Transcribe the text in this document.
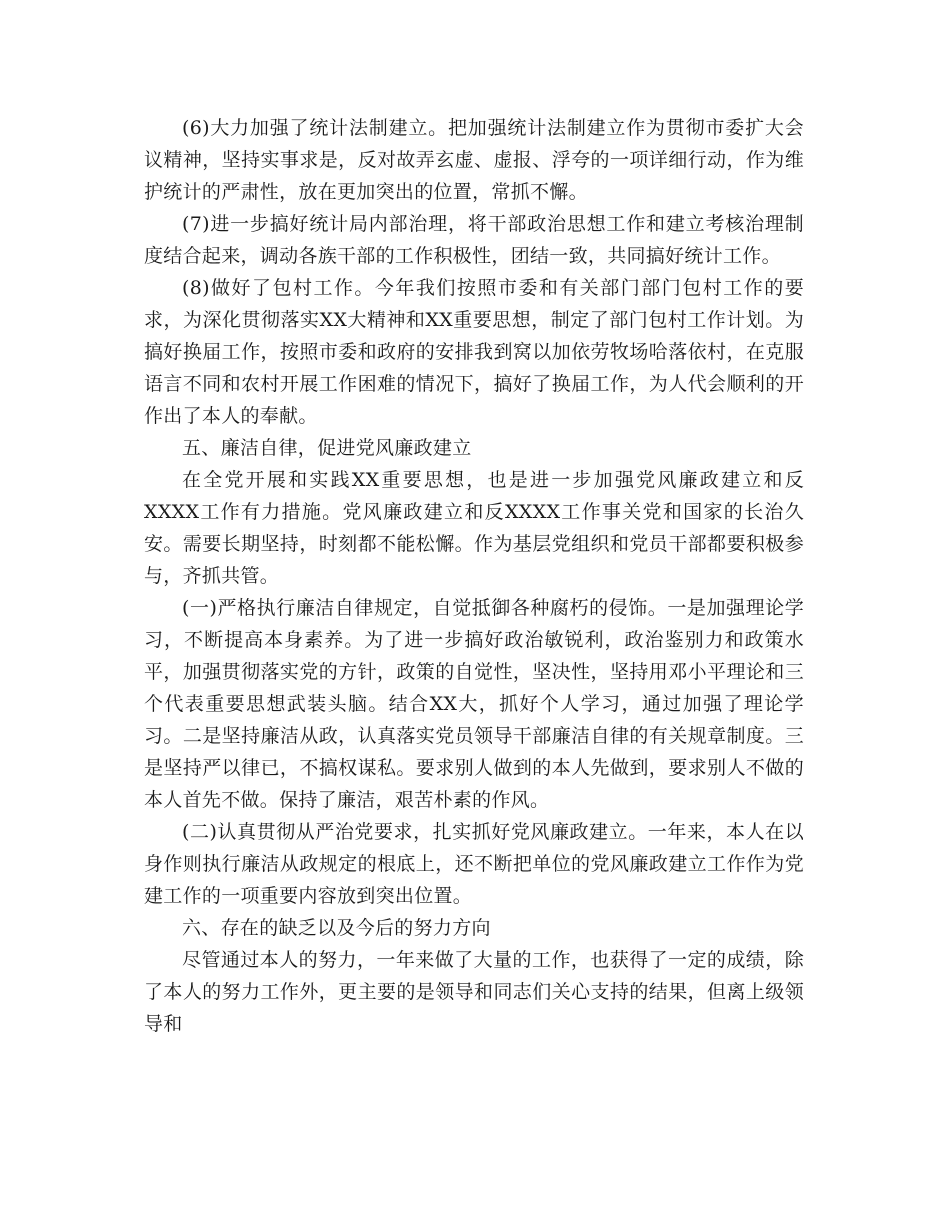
(6)大力加强了统计法制建立。把加强统计法制建立作为贯彻市委扩大会议精神，坚持实事求是，反对故弄玄虚、虚报、浮夸的一项详细行动，作为维护统计的严肃性，放在更加突出的位置，常抓不懈。

(7)进一步搞好统计局内部治理，将干部政治思想工作和建立考核治理制度结合起来，调动各族干部的工作积极性，团结一致，共同搞好统计工作。

(8)做好了包村工作。今年我们按照市委和有关部门部门包村工作的要求，为深化贯彻落实XX大精神和XX重要思想，制定了部门包村工作计划。为搞好换届工作，按照市委和政府的安排我到窝以加依劳牧场哈落依村，在克服语言不同和农村开展工作困难的情况下，搞好了换届工作，为人代会顺利的开作出了本人的奉献。

五、廉洁自律，促进党风廉政建立

在全党开展和实践XX重要思想，也是进一步加强党风廉政建立和反XXXX工作有力措施。党风廉政建立和反XXXX工作事关党和国家的长治久安。需要长期坚持，时刻都不能松懈。作为基层党组织和党员干部都要积极参与，齐抓共管。

(一)严格执行廉洁自律规定，自觉抵御各种腐朽的侵饰。一是加强理论学习，不断提高本身素养。为了进一步搞好政治敏锐利，政治鉴别力和政策水平，加强贯彻落实党的方针，政策的自觉性，坚决性，坚持用邓小平理论和三个代表重要思想武装头脑。结合XX大，抓好个人学习，通过加强了理论学习。二是坚持廉洁从政，认真落实党员领导干部廉洁自律的有关规章制度。三是坚持严以律已，不搞权谋私。要求别人做到的本人先做到，要求别人不做的本人首先不做。保持了廉洁，艰苦朴素的作风。

(二)认真贯彻从严治党要求，扎实抓好党风廉政建立。一年来，本人在以身作则执行廉洁从政规定的根底上，还不断把单位的党风廉政建立工作作为党建工作的一项重要内容放到突出位置。

六、存在的缺乏以及今后的努力方向

尽管通过本人的努力，一年来做了大量的工作，也获得了一定的成绩，除了本人的努力工作外，更主要的是领导和同志们关心支持的结果，但离上级领导和
